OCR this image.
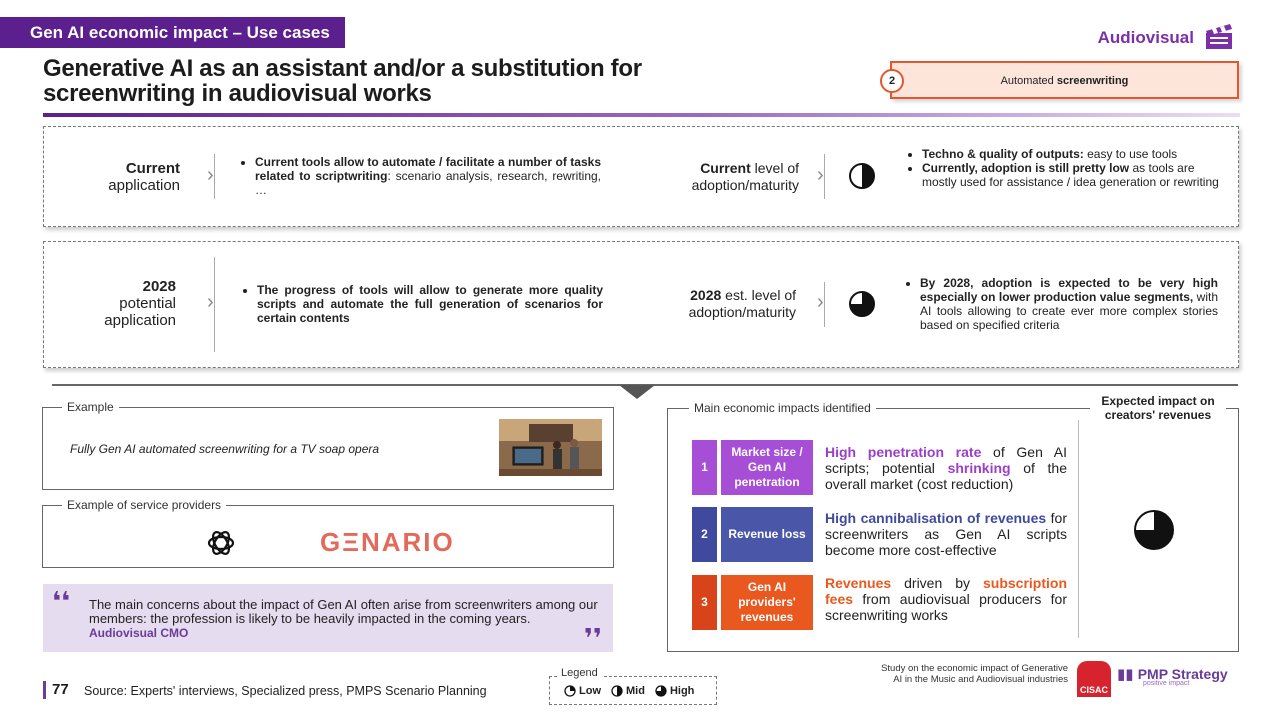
Gen AI economic impact – Use cases	Audiovisual
Generative AI as an assistant and/or a substitution for
screenwriting in audiovisual works	Automated screenwriting
2
Current
application ›
• Current tools allow to automate / facilitate a number of tasks related to scriptwriting: scenario analysis, research, rewriting, …
Current level of
adoption/maturity ›
• Techno & quality of outputs: easy to use tools
• Currently, adoption is still pretty low as tools are mostly used for assistance / idea generation or rewriting
2028
potential
application
›
• The progress of tools will allow to generate more quality scripts and automate the full generation of scenarios for certain contents
2028 est. level of
adoption/maturity ›
• By 2028, adoption is expected to be very high especially on lower production value segments, with AI tools allowing to create ever more complex stories based on specified criteria
Example
Fully Gen AI automated screenwriting for a TV soap opera
Example of service providers
GΞNARIO
❛❛
❜❜
The main concerns about the impact of Gen AI often arise from screenwriters among our members: the profession is likely to be heavily impacted in the coming years.
Audiovisual CMO
Main economic impacts identified	Expected impact on creators' revenues
1
Market size / Gen AI penetration
High penetration rate of Gen AI scripts; potential shrinking of the overall market (cost reduction)
2	Revenue loss
High cannibalisation of revenues for screenwriters as Gen AI scripts become more cost-effective
3
Gen AI providers' revenues
Revenues driven by subscription fees from audiovisual producers for screenwriting works
77 Source: Experts' interviews, Specialized press, PMPS Scenario Planning	Low Mid High
Legend	Study on the economic impact of Generative AI in the Music and Audiovisual industries
CISAC
▮▮ PMP Strategy
positive impact
